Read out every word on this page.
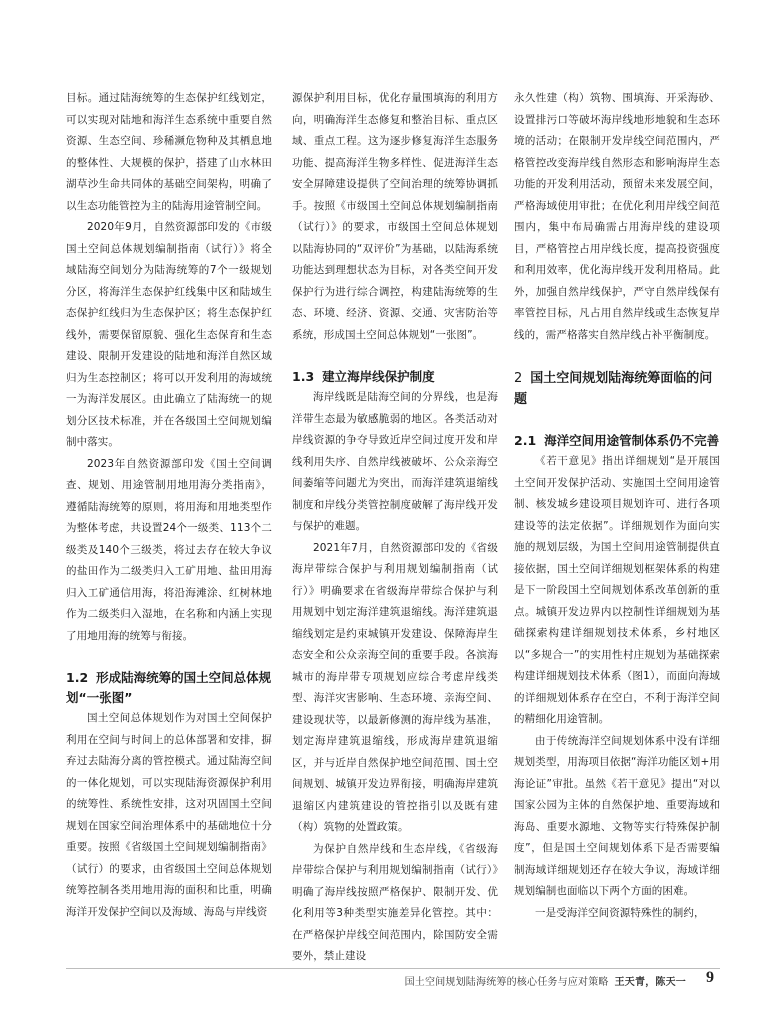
目标。通过陆海统筹的生态保护红线划定，可以实现对陆地和海洋生态系统中重要自然资源、生态空间、珍稀濒危物种及其栖息地的整体性、大规模的保护，搭建了山水林田湖草沙生命共同体的基础空间架构，明确了以生态功能管控为主的陆海用途管制空间。

2020年9月，自然资源部印发的《市级国土空间总体规划编制指南（试行）》将全域陆海空间划分为陆海统筹的7个一级规划分区，将海洋生态保护红线集中区和陆域生态保护红线归为生态保护区；将生态保护红线外，需要保留原貌、强化生态保育和生态建设、限制开发建设的陆地和海洋自然区域归为生态控制区；将可以开发利用的海域统一为海洋发展区。由此确立了陆海统一的规划分区技术标准，并在各级国土空间规划编制中落实。

2023年自然资源部印发《国土空间调查、规划、用途管制用地用海分类指南》，遵循陆海统筹的原则，将用海和用地类型作为整体考虑，共设置24个一级类、113个二级类及140个三级类，将过去存在较大争议的盐田作为二级类归入工矿用地、盐田用海归入工矿通信用海，将沿海滩涂、红树林地作为二级类归入湿地，在名称和内涵上实现了用地用海的统筹与衔接。

1.2 形成陆海统筹的国土空间总体规划“一张图”

国土空间总体规划作为对国土空间保护利用在空间与时间上的总体部署和安排，摒弃过去陆海分离的管控模式。通过陆海空间的一体化规划，可以实现陆海资源保护利用的统筹性、系统性安排，这对巩固国土空间规划在国家空间治理体系中的基础地位十分重要。按照《省级国土空间规划编制指南》（试行）的要求，由省级国土空间总体规划统筹控制各类用地用海的面积和比重，明确海洋开发保护空间以及海域、海岛与岸线资

源保护利用目标，优化存量围填海的利用方向，明确海洋生态修复和整治目标、重点区域、重点工程。这为逐步修复海洋生态服务功能、提高海洋生物多样性、促进海洋生态安全屏障建设提供了空间治理的统筹协调抓手。按照《市级国土空间总体规划编制指南（试行）》的要求，市级国土空间总体规划以陆海协同的“双评价”为基础，以陆海系统功能达到理想状态为目标，对各类空间开发保护行为进行综合调控，构建陆海统筹的生态、环境、经济、资源、交通、灾害防治等系统，形成国土空间总体规划“一张图”。

1.3 建立海岸线保护制度

海岸线既是陆海空间的分界线，也是海洋带生态最为敏感脆弱的地区。各类活动对岸线资源的争夺导致近岸空间过度开发和岸线利用失序、自然岸线被破坏、公众亲海空间萎缩等问题尤为突出，而海洋建筑退缩线制度和岸线分类管控制度破解了海岸线开发与保护的难题。

2021年7月，自然资源部印发的《省级海岸带综合保护与利用规划编制指南（试行）》明确要求在省级海岸带综合保护与利用规划中划定海洋建筑退缩线。海洋建筑退缩线划定是约束城镇开发建设、保障海岸生态安全和公众亲海空间的重要手段。各滨海城市的海岸带专项规划应综合考虑岸线类型、海洋灾害影响、生态环境、亲海空间、建设现状等，以最新修测的海岸线为基准，划定海岸建筑退缩线，形成海岸建筑退缩区，并与近岸自然保护地空间范围、国土空间规划、城镇开发边界衔接，明确海岸建筑退缩区内建筑建设的管控指引以及既有建（构）筑物的处置政策。

为保护自然岸线和生态岸线，《省级海岸带综合保护与利用规划编制指南（试行）》明确了海岸线按照严格保护、限制开发、优化利用等3种类型实施差异化管控。其中：在严格保护岸线空间范围内，除国防安全需要外，禁止建设

永久性建（构）筑物、围填海、开采海砂、设置排污口等破坏海岸线地形地貌和生态环境的活动；在限制开发岸线空间范围内，严格管控改变海岸线自然形态和影响海岸生态功能的开发利用活动，预留未来发展空间，严格海域使用审批；在优化利用岸线空间范围内，集中布局确需占用海岸线的建设项目，严格管控占用岸线长度，提高投资强度和利用效率，优化海岸线开发利用格局。此外，加强自然岸线保护，严守自然岸线保有率管控目标，凡占用自然岸线或生态恢复岸线的，需严格落实自然岸线占补平衡制度。

2 国土空间规划陆海统筹面临的问题
2.1 海洋空间用途管制体系仍不完善

《若干意见》指出详细规划“是开展国土空间开发保护活动、实施国土空间用途管制、核发城乡建设项目规划许可、进行各项建设等的法定依据”。详细规划作为面向实施的规划层级，为国土空间用途管制提供直接依据，国土空间详细规划框架体系的构建是下一阶段国土空间规划体系改革创新的重点。城镇开发边界内以控制性详细规划为基础探索构建详细规划技术体系，乡村地区以“多规合一”的实用性村庄规划为基础探索构建详细规划技术体系（图1），而面向海域的详细规划体系存在空白，不利于海洋空间的精细化用途管制。

由于传统海洋空间规划体系中没有详细规划类型，用海项目依据“海洋功能区划+用海论证”审批。虽然《若干意见》提出“对以国家公园为主体的自然保护地、重要海域和海岛、重要水源地、文物等实行特殊保护制度”，但是国土空间规划体系下是否需要编制海域详细规划还存在较大争议，海域详细规划编制也面临以下两个方面的困难。

一是受海洋空间资源特殊性的制约，

国土空间规划陆海统筹的核心任务与应对策略 王天青，陈天一 9
